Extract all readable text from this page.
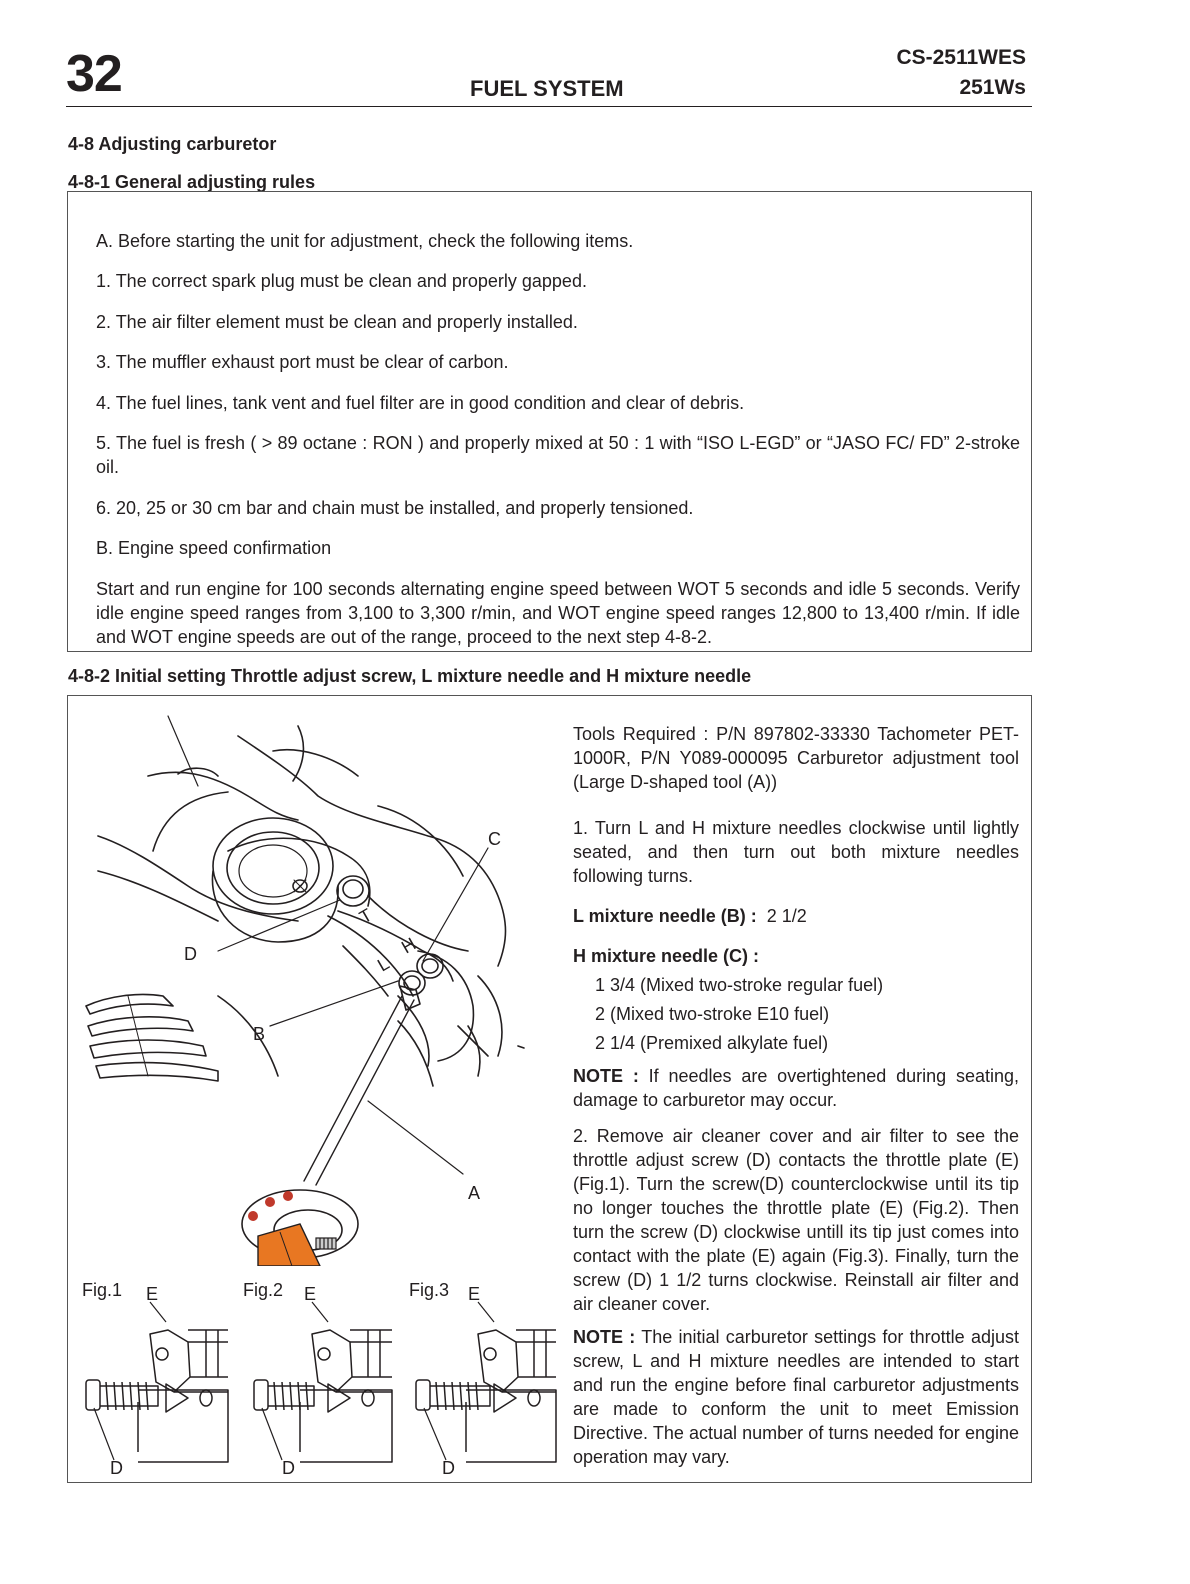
32	FUEL SYSTEM
CS-2511WES
251Ws
4-8 Adjusting carburetor
4-8-1 General adjusting rules
A. Before starting the unit for adjustment, check the following items.
1. The correct spark plug must be clean and properly gapped.
2. The air filter element must be clean and properly installed.
3. The muffler exhaust port must be clear of carbon.
4. The fuel lines, tank vent and fuel filter are in good condition and clear of debris.
5. The fuel is fresh ( > 89 octane : RON ) and properly mixed at 50 : 1 with “ISO L-EGD” or “JASO FC/ FD” 2-stroke oil.
6. 20, 25 or 30 cm bar and chain must be installed, and properly tensioned.
B. Engine speed confirmation
Start and run engine for 100 seconds alternating engine speed between WOT 5 seconds and idle 5 seconds. Verify idle engine speed ranges from 3,100 to 3,300 r/min, and WOT engine speed ranges 12,800 to 13,400 r/min. If idle and WOT engine speeds are out of the range, proceed to the next step 4-8-2.
4-8-2 Initial setting Throttle adjust screw, L mixture needle and H mixture needle
Tools Required : P/N 897802-33330 Tachometer PET-1000R, P/N Y089-000095 Carburetor adjustment tool (Large D-shaped tool (A))
1. Turn L and H mixture needles clockwise until lightly seated, and then turn out both mixture needles following turns.
L mixture needle (B) : 2 1/2
H mixture needle (C) :
1 3/4 (Mixed two-stroke regular fuel)
2 (Mixed two-stroke E10 fuel)
2 1/4 (Premixed alkylate fuel)
NOTE : If needles are overtightened during seating, damage to carburetor may occur.
2. Remove air cleaner cover and air filter to see the throttle adjust screw (D) contacts the throttle plate (E) (Fig.1). Turn the screw(D) counterclockwise until its tip no longer touches the throttle plate (E) (Fig.2). Then turn the screw (D) clockwise untill its tip just comes into contact with the plate (E) again (Fig.3). Finally, turn the screw (D) 1 1/2 turns clockwise. Reinstall air filter and air cleaner cover.
NOTE : The initial carburetor settings for throttle adjust screw, L and H mixture needles are intended to start and run the engine before final carburetor adjustments are made to conform the unit to meet Emission Directive. The actual number of turns needed for engine operation may vary.
C
D
B
A
T
L
H
Fig.1 E
D
Fig.2 E
D
Fig.3 E
D
